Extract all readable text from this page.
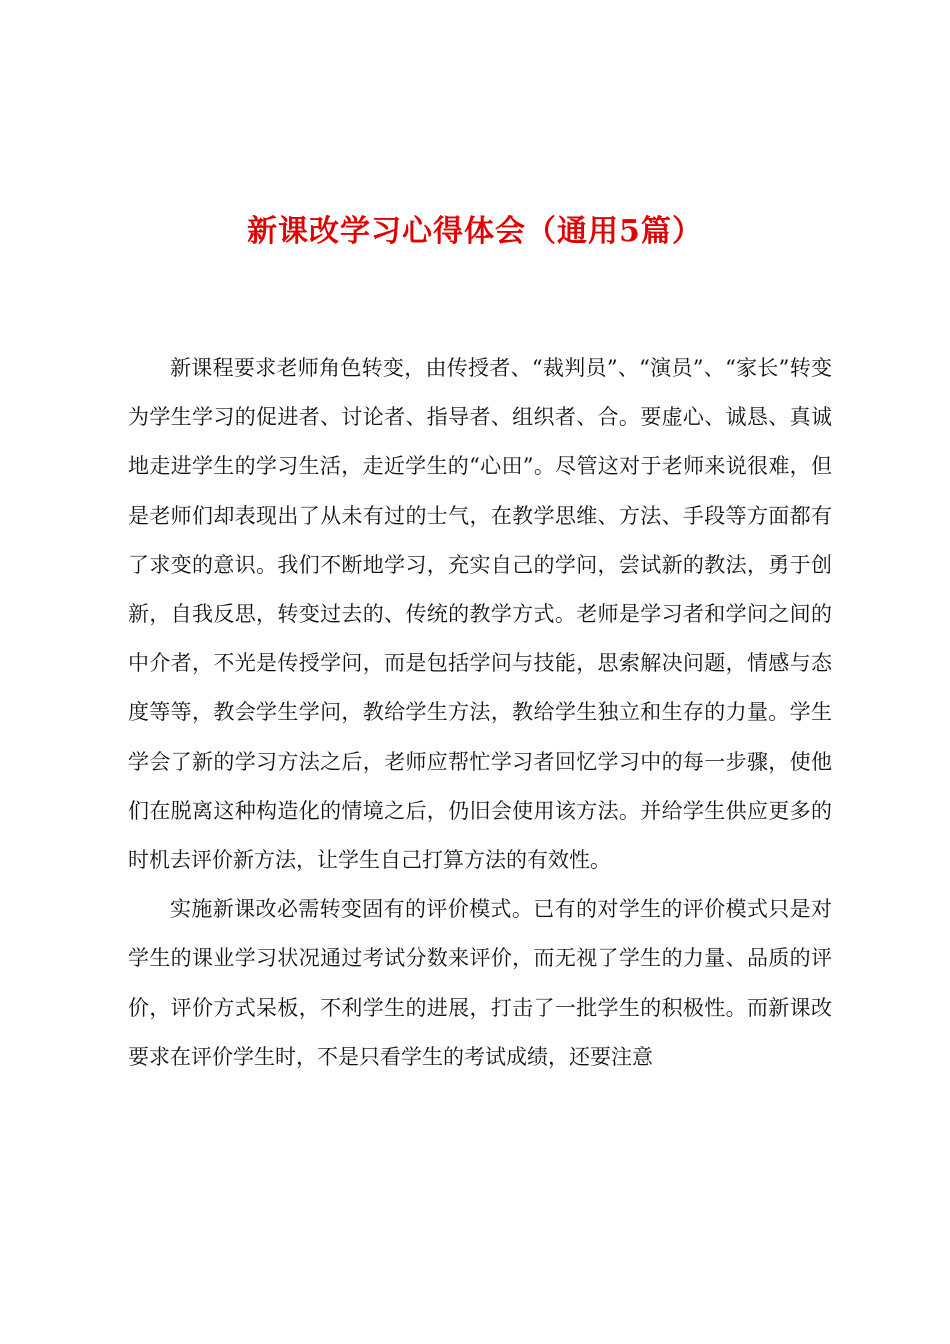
新课改学习心得体会（通用5篇）

新课程要求老师角色转变，由传授者、“裁判员”、“演员”、“家长”转变为学生学习的促进者、讨论者、指导者、组织者、合。要虚心、诚恳、真诚地走进学生的学习生活，走近学生的“心田”。尽管这对于老师来说很难，但是老师们却表现出了从未有过的士气，在教学思维、方法、手段等方面都有了求变的意识。我们不断地学习，充实自己的学问，尝试新的教法，勇于创新，自我反思，转变过去的、传统的教学方式。老师是学习者和学问之间的中介者，不光是传授学问，而是包括学问与技能，思索解决问题，情感与态度等等，教会学生学问，教给学生方法，教给学生独立和生存的力量。学生学会了新的学习方法之后，老师应帮忙学习者回忆学习中的每一步骤，使他们在脱离这种构造化的情境之后，仍旧会使用该方法。并给学生供应更多的时机去评价新方法，让学生自己打算方法的有效性。

实施新课改必需转变固有的评价模式。已有的对学生的评价模式只是对学生的课业学习状况通过考试分数来评价，而无视了学生的力量、品质的评价，评价方式呆板，不利学生的进展，打击了一批学生的积极性。而新课改要求在评价学生时，不是只看学生的考试成绩，还要注意
